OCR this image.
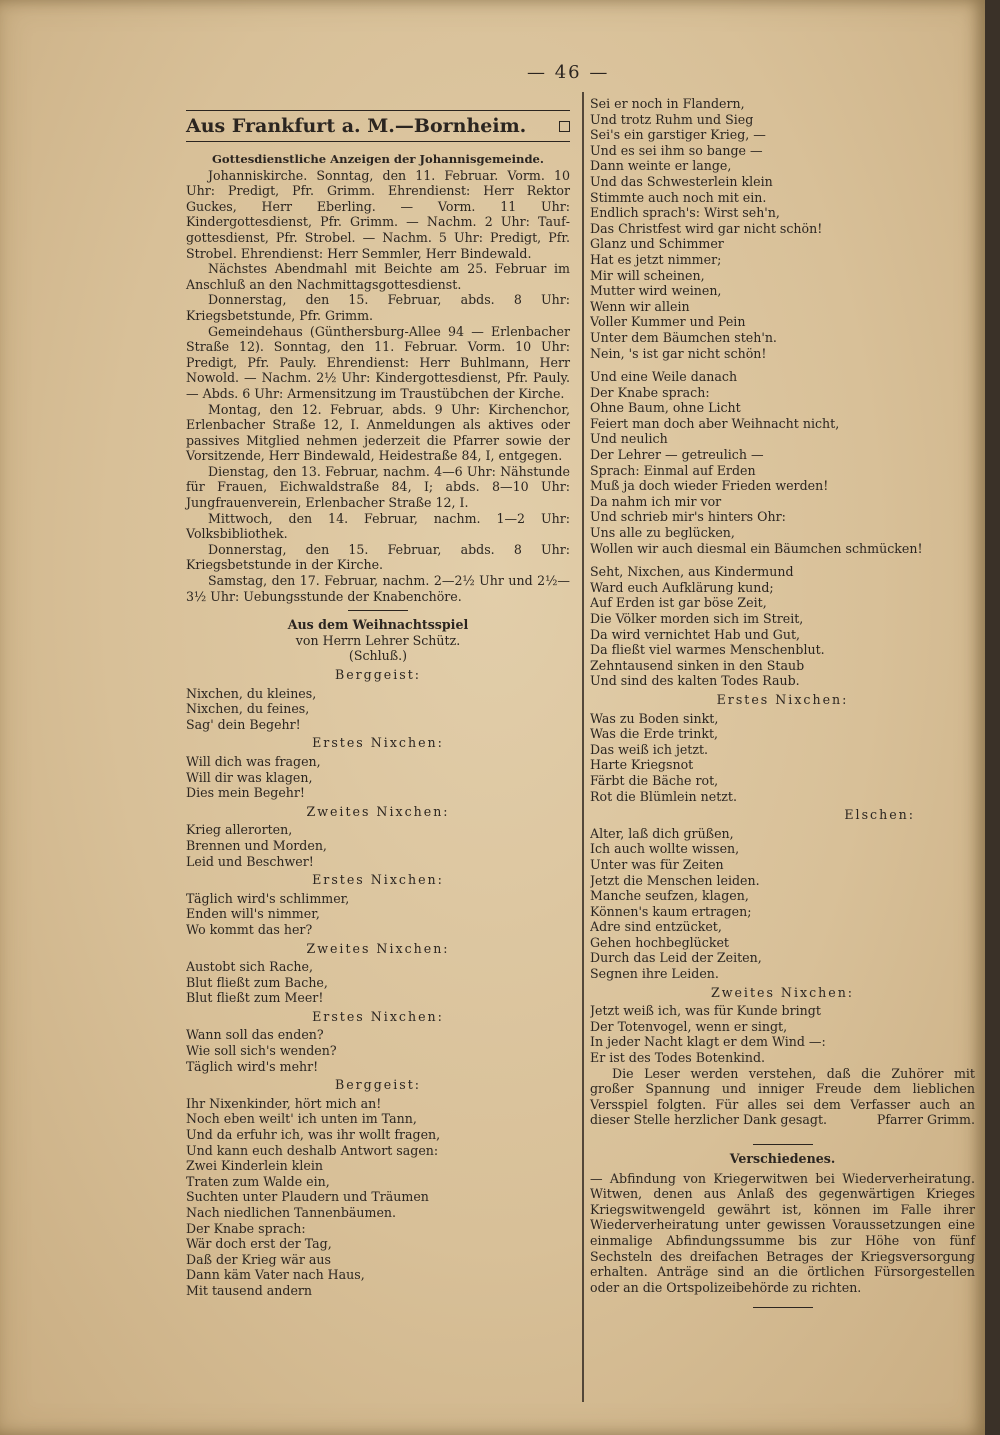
— 46 —
Aus Frankfurt a. M.—Bornheim.

Gottesdienstliche Anzeigen der Johannisgemeinde.

Johanniskirche. Sonntag, den 11. Februar. Vorm. 10 Uhr: Predigt, Pfr. Grimm. Ehrendienst: Herr Rektor Guckes, Herr Eberling. — Vorm. 11 Uhr: Kindergottesdienst, Pfr. Grimm. — Nachm. 2 Uhr: Taufgottesdienst, Pfr. Strobel. — Nachm. 5 Uhr: Predigt, Pfr. Strobel. Ehrendienst: Herr Semmler, Herr Bindewald.

Nächstes Abendmahl mit Beichte am 25. Februar im Anschluß an den Nachmittagsgottesdienst.

Donnerstag, den 15. Februar, abds. 8 Uhr: Kriegsbetstunde, Pfr. Grimm.

Gemeindehaus (Günthersburg-Allee 94 — Erlenbacher Straße 12). Sonntag, den 11. Februar. Vorm. 10 Uhr: Predigt, Pfr. Pauly. Ehrendienst: Herr Buhlmann, Herr Nowold. — Nachm. 2½ Uhr: Kindergottesdienst, Pfr. Pauly. — Abds. 6 Uhr: Armensitzung im Traustübchen der Kirche.

Montag, den 12. Februar, abds. 9 Uhr: Kirchenchor, Erlenbacher Straße 12, I. Anmeldungen als aktives oder passives Mitglied nehmen jederzeit die Pfarrer sowie der Vorsitzende, Herr Bindewald, Heidestraße 84, I, entgegen.

Dienstag, den 13. Februar, nachm. 4—6 Uhr: Nähstunde für Frauen, Eichwaldstraße 84, I; abds. 8—10 Uhr: Jungfrauenverein, Erlenbacher Straße 12, I.

Mittwoch, den 14. Februar, nachm. 1—2 Uhr: Volksbibliothek.

Donnerstag, den 15. Februar, abds. 8 Uhr: Kriegsbetstunde in der Kirche.

Samstag, den 17. Februar, nachm. 2—2½ Uhr und 2½—3½ Uhr: Uebungsstunde der Knabenchöre.

Aus dem Weihnachtsspiel

von Herrn Lehrer Schütz.

(Schluß.)

Berggeist:

Nixchen, du kleines,

Nixchen, du feines,

Sag' dein Begehr!

Erstes Nixchen:

Will dich was fragen,

Will dir was klagen,

Dies mein Begehr!

Zweites Nixchen:

Krieg allerorten,

Brennen und Morden,

Leid und Beschwer!

Erstes Nixchen:

Täglich wird's schlimmer,

Enden will's nimmer,

Wo kommt das her?

Zweites Nixchen:

Austobt sich Rache,

Blut fließt zum Bache,

Blut fließt zum Meer!

Erstes Nixchen:

Wann soll das enden?

Wie soll sich's wenden?

Täglich wird's mehr!

Berggeist:

Ihr Nixenkinder, hört mich an!

Noch eben weilt' ich unten im Tann,

Und da erfuhr ich, was ihr wollt fragen,

Und kann euch deshalb Antwort sagen:

Zwei Kinderlein klein

Traten zum Walde ein,

Suchten unter Plaudern und Träumen

Nach niedlichen Tannenbäumen.

Der Knabe sprach:

Wär doch erst der Tag,

Daß der Krieg wär aus

Dann käm Vater nach Haus,

Mit tausend andern

Sei er noch in Flandern,

Und trotz Ruhm und Sieg

Sei's ein garstiger Krieg, —

Und es sei ihm so bange —

Dann weinte er lange,

Und das Schwesterlein klein

Stimmte auch noch mit ein.

Endlich sprach's: Wirst seh'n,

Das Christfest wird gar nicht schön!

Glanz und Schimmer

Hat es jetzt nimmer;

Mir will scheinen,

Mutter wird weinen,

Wenn wir allein

Voller Kummer und Pein

Unter dem Bäumchen steh'n.

Nein, 's ist gar nicht schön!

Und eine Weile danach

Der Knabe sprach:

Ohne Baum, ohne Licht

Feiert man doch aber Weihnacht nicht,

Und neulich

Der Lehrer — getreulich —

Sprach: Einmal auf Erden

Muß ja doch wieder Frieden werden!

Da nahm ich mir vor

Und schrieb mir's hinters Ohr:

Uns alle zu beglücken,

Wollen wir auch diesmal ein Bäumchen schmücken!

Seht, Nixchen, aus Kindermund

Ward euch Aufklärung kund;

Auf Erden ist gar böse Zeit,

Die Völker morden sich im Streit,

Da wird vernichtet Hab und Gut,

Da fließt viel warmes Menschenblut.

Zehntausend sinken in den Staub

Und sind des kalten Todes Raub.

Erstes Nixchen:

Was zu Boden sinkt,

Was die Erde trinkt,

Das weiß ich jetzt.

Harte Kriegsnot

Färbt die Bäche rot,

Rot die Blümlein netzt.

Elschen:

Alter, laß dich grüßen,

Ich auch wollte wissen,

Unter was für Zeiten

Jetzt die Menschen leiden.

Manche seufzen, klagen,

Können's kaum ertragen;

Adre sind entzücket,

Gehen hochbeglücket

Durch das Leid der Zeiten,

Segnen ihre Leiden.

Zweites Nixchen:

Jetzt weiß ich, was für Kunde bringt

Der Totenvogel, wenn er singt,

In jeder Nacht klagt er dem Wind —:

Er ist des Todes Botenkind.

Die Leser werden verstehen, daß die Zuhörer mit großer Spannung und inniger Freude dem lieblichen Versspiel folgten. Für alles sei dem Verfasser auch an dieser Stelle herzlicher Dank gesagt.	Pfarrer Grimm.

Verschiedenes.

— Abfindung von Kriegerwitwen bei Wiederverheiratung. Witwen, denen aus Anlaß des gegenwärtigen Krieges Kriegswitwengeld gewährt ist, können im Falle ihrer Wiederverheiratung unter gewissen Voraussetzungen eine einmalige Abfindungssumme bis zur Höhe von fünf Sechsteln des dreifachen Betrages der Kriegsversorgung erhalten. Anträge sind an die örtlichen Fürsorgestellen oder an die Ortspolizeibehörde zu richten.
